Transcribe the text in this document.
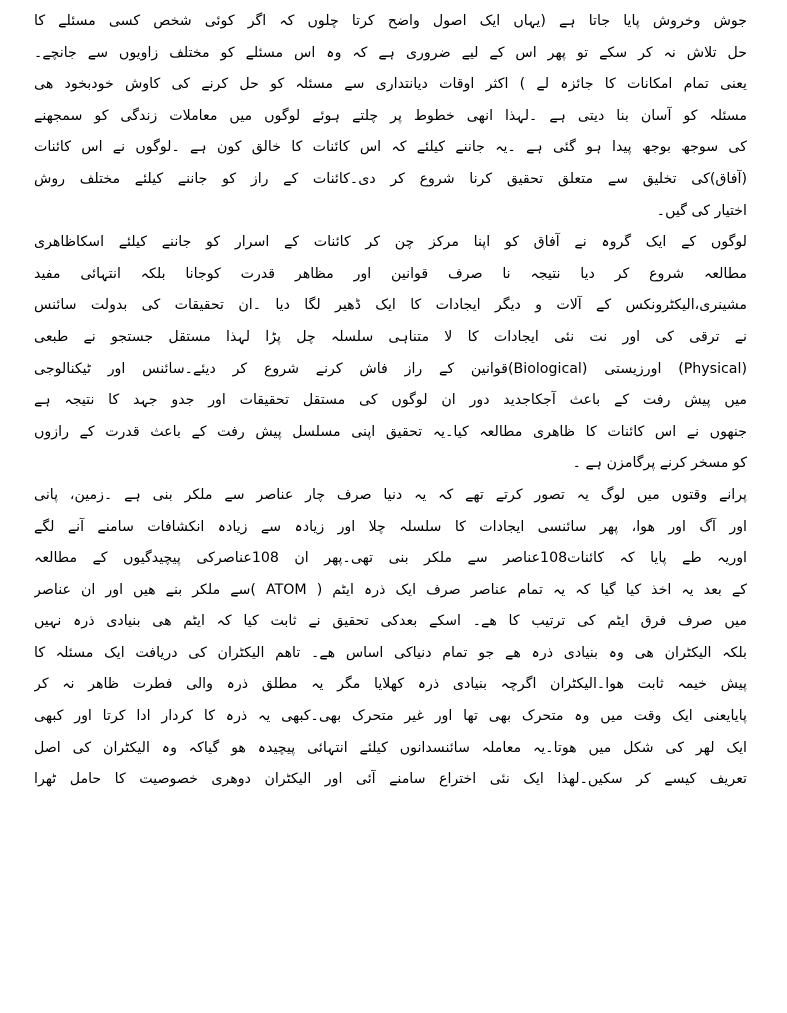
جوش وخروش پایا جاتا ہے (یہاں ایک اصول واضح کرتا چلوں کہ اگر کوئی شخص کسی مسئلے کا
حل تلاش نہ کر سکے تو پھر اس کے لیے ضروری ہے کہ وہ اس مسئلے کو مختلف زاویوں سے جانچے۔
یعنی تمام امکانات کا جائزہ لے ) اکثر اوقات دیانتداری سے مسئلہ کو حل کرنے کی کاوش خودبخود ھی
مسئلہ کو آسان بنا دیتی ہے ۔لہذا انھی خطوط پر چلتے ہوئے لوگوں میں معاملات زندگی کو سمجھنے
کی سوجھ بوجھ پیدا ہو گئی ہے ۔یہ جاننے کیلئے کہ اس کائنات کا خالق کون ہے ۔لوگوں نے اس کائنات
(آفاق)کی تخلیق سے متعلق تحقیق کرنا شروع کر دی۔کائنات کے راز کو جاننے کیلئے مختلف روش
اختیار کی گیں۔
لوگوں کے ایک گروہ نے آفاق کو اپنا مرکز چن کر کائنات کے اسرار کو جاننے کیلئے اسکاظاھری
مطالعہ شروع کر دیا نتیجہ نا صرف قوانین اور مظاھر قدرت کوجانا بلکہ انتہائی مفید
مشینری،الیکٹرونکس کے آلات و دیگر ایجادات کا ایک ڈھیر لگا دیا ۔ان تحقیقات کی بدولت سائنس
نے ترقی کی اور نت نئی ایجادات کا لا متناہی سلسلہ چل پڑا لہذا مستقل جستجو نے طبعی
(Physical) اورزیستی (Biological)قوانین کے راز فاش کرنے شروع کر دیئے۔سائنس اور ٹیکنالوجی
میں پیش رفت کے باعث آجکاجدید دور ان لوگوں کی مستقل تحقیقات اور جدو جہد کا نتیجہ ہے
جنھوں نے اس کائنات کا ظاھری مطالعہ کیا۔یہ تحقیق اپنی مسلسل پیش رفت کے باعث قدرت کے رازوں
کو مسخر کرنے پرگامزن ہے ۔
پرانے وقتوں میں لوگ یہ تصور کرتے تھے کہ یہ دنیا صرف چار عناصر سے ملکر بنی ہے ۔زمین، پانی
اور آگ اور ھوا، پھر سائنسی ایجادات کا سلسلہ چلا اور زیادہ سے زیادہ انکشافات سامنے آنے لگے
اوریہ طے پایا کہ کائنات108عناصر سے ملکر بنی تھی۔پھر ان 108عناصرکی پیچیدگیوں کے مطالعہ
کے بعد یہ اخذ کیا گیا کہ یہ تمام عناصر صرف ایک ذرہ ایٹم ( ATOM )سے ملکر بنے ھیں اور ان عناصر
میں صرف فرق ایٹم کی ترتیب کا ھے۔ اسکے بعدکی تحقیق نے ثابت کیا کہ ایٹم ھی بنیادی ذرہ نہیں
بلکہ الیکٹران ھی وہ بنیادی ذرہ ھے جو تمام دنیاکی اساس ھے۔ تاھم الیکٹران کی دریافت ایک مسئلہ کا
پیش خیمہ ثابت ھوا۔الیکٹران اگرچہ بنیادی ذرہ کھلایا مگر یہ مطلق ذرہ والی فطرت ظاھر نہ کر
پایایعنی ایک وقت میں وہ متحرک بھی تھا اور غیر متحرک بھی۔کبھی یہ ذرہ کا کردار ادا کرتا اور کبھی
ایک لھر کی شکل میں ھوتا۔یہ معاملہ سائنسدانوں کیلئے انتہائی پیچیدہ ھو گیاکہ وہ الیکٹران کی اصل
تعریف کیسے کر سکیں۔لھذا ایک نئی اختراع سامنے آئی اور الیکٹران دوھری خصوصیت کا حامل ٹھرا
